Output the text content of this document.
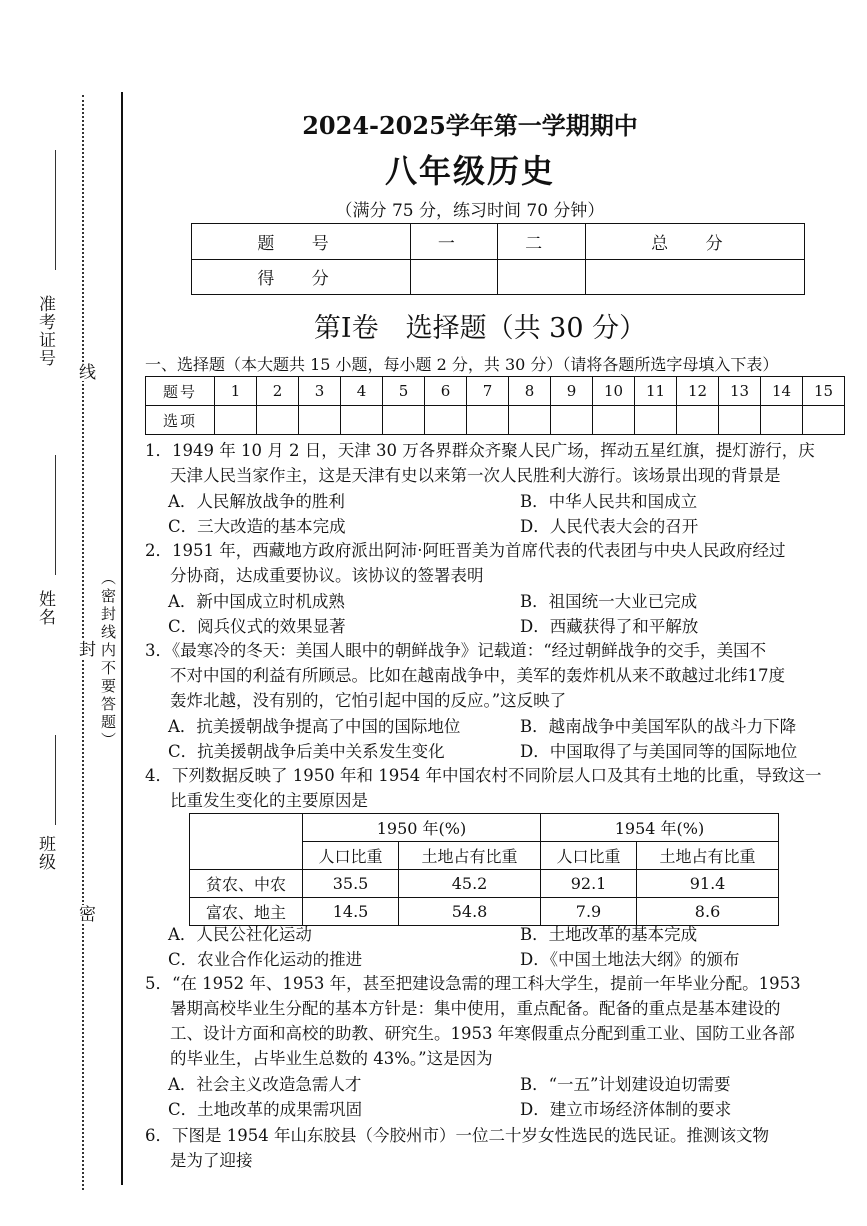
准考证号
姓名
班级
线
封
密
（密封线内不要答题）
2024-2025学年第一学期期中
八年级历史
（满分 75 分，练习时间 70 分钟）
题 号	一	二	总 分
得 分			
第Ⅰ卷　选择题（共 30 分）
一、选择题（本大题共 15 小题，每小题 2 分，共 30 分）（请将各题所选字母填入下表）
题号	1	2	3	4	5	6	7	8	9	10	11	12	13	14	15
选项															
1．1949 年 10 月 2 日，天津 30 万各界群众齐聚人民广场，挥动五星红旗，提灯游行，庆
天津人民当家作主，这是天津有史以来第一次人民胜利大游行。该场景出现的背景是
A．人民解放战争的胜利	B．中华人民共和国成立
C．三大改造的基本完成	D．人民代表大会的召开
2．1951 年，西藏地方政府派出阿沛·阿旺晋美为首席代表的代表团与中央人民政府经过
分协商，达成重要协议。该协议的签署表明
A．新中国成立时机成熟	B．祖国统一大业已完成
C．阅兵仪式的效果显著	D．西藏获得了和平解放
3．《最寒冷的冬天：美国人眼中的朝鲜战争》记载道：“经过朝鲜战争的交手，美国不
不对中国的利益有所顾忌。比如在越南战争中，美军的轰炸机从来不敢越过北纬17度
轰炸北越，没有别的，它怕引起中国的反应。”这反映了
A．抗美援朝战争提高了中国的国际地位	B．越南战争中美国军队的战斗力下降
C．抗美援朝战争后美中关系发生变化	D．中国取得了与美国同等的国际地位
4．下列数据反映了 1950 年和 1954 年中国农村不同阶层人口及其有土地的比重，导致这一
比重发生变化的主要原因是
	1950 年(%)		1954 年(%)	
	人口比重	土地占有比重	人口比重	土地占有比重
贫农、中农	35.5	45.2	92.1	91.4
富农、地主	14.5	54.8	7.9	8.6
A．人民公社化运动	B．土地改革的基本完成
C．农业合作化运动的推进	D．《中国土地法大纲》的颁布
5．“在 1952 年、1953 年，甚至把建设急需的理工科大学生，提前一年毕业分配。1953
暑期高校毕业生分配的基本方针是：集中使用，重点配备。配备的重点是基本建设的
工、设计方面和高校的助教、研究生。1953 年寒假重点分配到重工业、国防工业各部
的毕业生，占毕业生总数的 43%。”这是因为
A．社会主义改造急需人才	B．“一五”计划建设迫切需要
C．土地改革的成果需巩固	D．建立市场经济体制的要求
6．下图是 1954 年山东胶县（今胶州市）一位二十岁女性选民的选民证。推测该文物
是为了迎接
